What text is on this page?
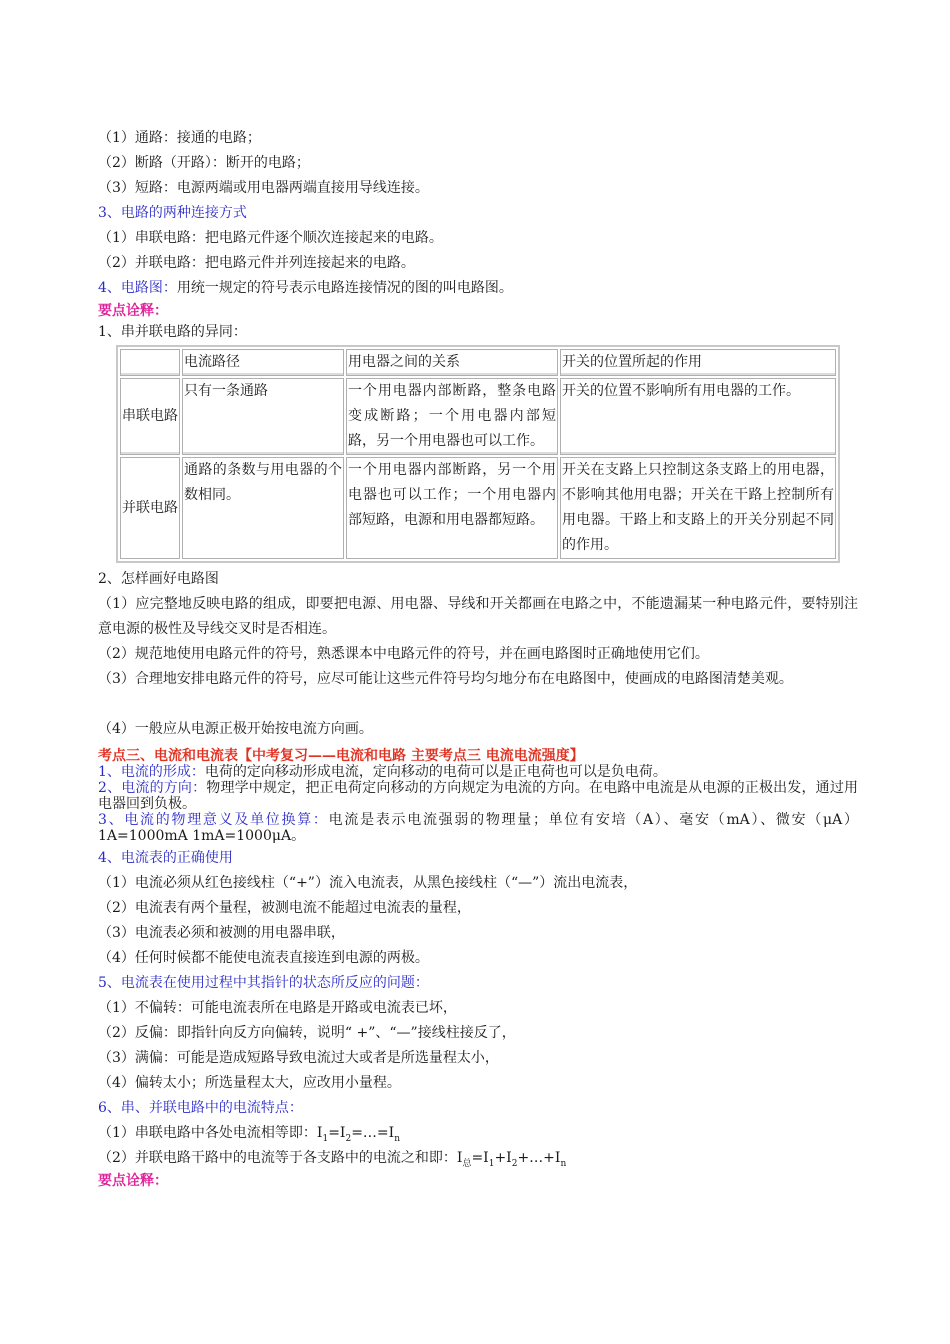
（1）通路：接通的电路；
（2）断路（开路）：断开的电路；
（3）短路：电源两端或用电器两端直接用导线连接。
3、电路的两种连接方式
（1）串联电路：把电路元件逐个顺次连接起来的电路。
（2）并联电路：把电路元件并列连接起来的电路。
4、电路图：用统一规定的符号表示电路连接情况的图的叫电路图。
要点诠释：
1、串并联电路的异同：
	电流路径	用电器之间的关系	开关的位置所起的作用
串联电路	只有一条通路	一个用电器内部断路，整条电路变成断路；一个用电器内部短路，另一个用电器也可以工作。	开关的位置不影响所有用电器的工作。
并联电路	通路的条数与用电器的个数相同。	一个用电器内部断路，另一个用电器也可以工作；一个用电器内部短路，电源和用电器都短路。	开关在支路上只控制这条支路上的用电器，不影响其他用电器；开关在干路上控制所有用电器。干路上和支路上的开关分别起不同的作用。
2、怎样画好电路图
（1）应完整地反映电路的组成，即要把电源、用电器、导线和开关都画在电路之中，不能遗漏某一种电路元件，要特别注意电源的极性及导线交叉时是否相连。
（2）规范地使用电路元件的符号，熟悉课本中电路元件的符号，并在画电路图时正确地使用它们。
（3）合理地安排电路元件的符号，应尽可能让这些元件符号均匀地分布在电路图中，使画成的电路图清楚美观。
（4）一般应从电源正极开始按电流方向画。
考点三、电流和电流表【中考复习——电流和电路 主要考点三 电流电流强度】
1、电流的形成：电荷的定向移动形成电流，定向移动的电荷可以是正电荷也可以是负电荷。
2、电流的方向：物理学中规定，把正电荷定向移动的方向规定为电流的方向。在电路中电流是从电源的正极出发，通过用电器回到负极。
3、电流的物理意义及单位换算：电流是表示电流强弱的物理量；单位有安培（A）、毫安（mA）、微安（μA） 1A=1000mA 1mA=1000μA。
4、电流表的正确使用
（1）电流必须从红色接线柱（“+”）流入电流表，从黑色接线柱（“—”）流出电流表，
（2）电流表有两个量程，被测电流不能超过电流表的量程，
（3）电流表必须和被测的用电器串联，
（4）任何时候都不能使电流表直接连到电源的两极。
5、电流表在使用过程中其指针的状态所反应的问题：
（1）不偏转：可能电流表所在电路是开路或电流表已坏，
（2）反偏：即指针向反方向偏转，说明“ +”、“—”接线柱接反了，
（3）满偏：可能是造成短路导致电流过大或者是所选量程太小，
（4）偏转太小；所选量程太大，应改用小量程。
6、串、并联电路中的电流特点：
（1）串联电路中各处电流相等即：$I_1=I_2=\dots=I_n$
（2）并联电路干路中的电流等于各支路中的电流之和即：$I_总=I_1+I_2+\dots+I_n$
要点诠释：
